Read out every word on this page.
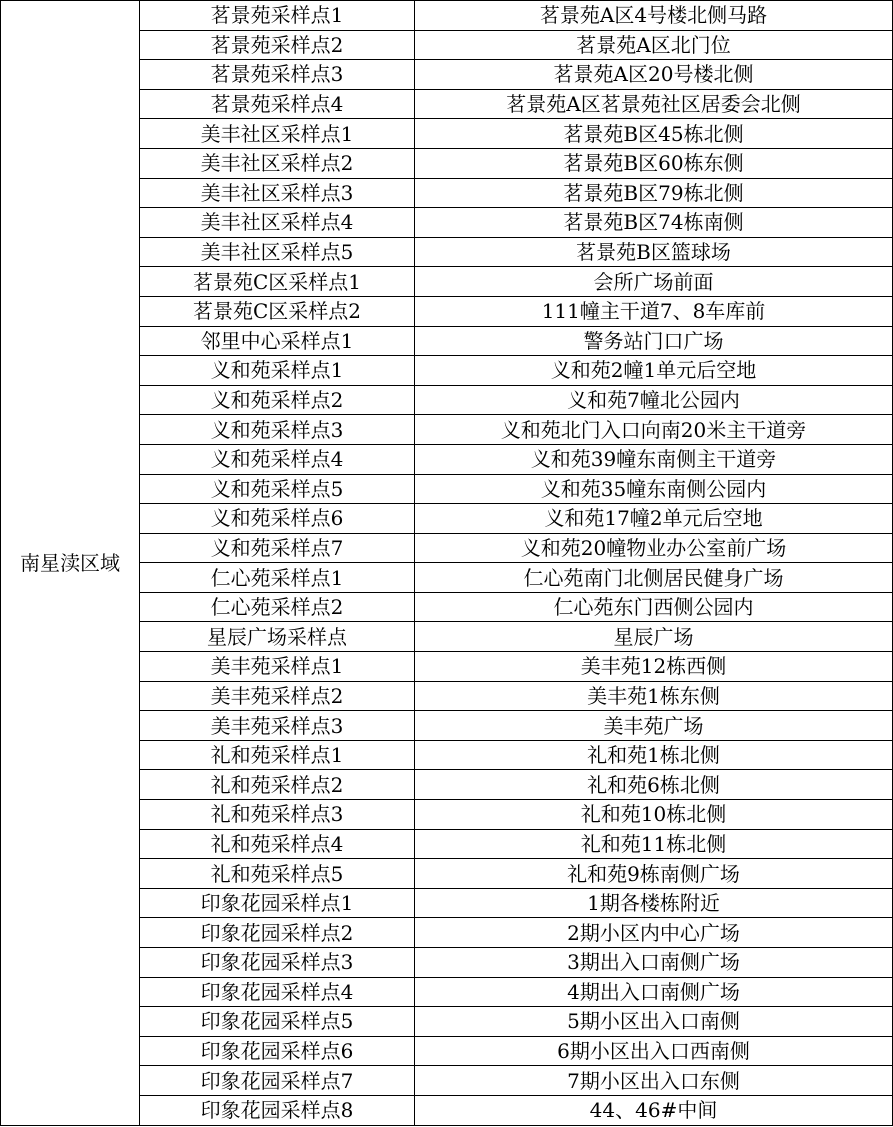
南星渎区域	茗景苑采样点1	茗景苑A区4号楼北侧马路
	茗景苑采样点2	茗景苑A区北门位
	茗景苑采样点3	茗景苑A区20号楼北侧
	茗景苑采样点4	茗景苑A区茗景苑社区居委会北侧
	美丰社区采样点1	茗景苑B区45栋北侧
	美丰社区采样点2	茗景苑B区60栋东侧
	美丰社区采样点3	茗景苑B区79栋北侧
	美丰社区采样点4	茗景苑B区74栋南侧
	美丰社区采样点5	茗景苑B区篮球场
	茗景苑C区采样点1	会所广场前面
	茗景苑C区采样点2	111幢主干道7、8车库前
	邻里中心采样点1	警务站门口广场
	义和苑采样点1	义和苑2幢1单元后空地
	义和苑采样点2	义和苑7幢北公园内
	义和苑采样点3	义和苑北门入口向南20米主干道旁
	义和苑采样点4	义和苑39幢东南侧主干道旁
	义和苑采样点5	义和苑35幢东南侧公园内
	义和苑采样点6	义和苑17幢2单元后空地
	义和苑采样点7	义和苑20幢物业办公室前广场
	仁心苑采样点1	仁心苑南门北侧居民健身广场
	仁心苑采样点2	仁心苑东门西侧公园内
	星辰广场采样点	星辰广场
	美丰苑采样点1	美丰苑12栋西侧
	美丰苑采样点2	美丰苑1栋东侧
	美丰苑采样点3	美丰苑广场
	礼和苑采样点1	礼和苑1栋北侧
	礼和苑采样点2	礼和苑6栋北侧
	礼和苑采样点3	礼和苑10栋北侧
	礼和苑采样点4	礼和苑11栋北侧
	礼和苑采样点5	礼和苑9栋南侧广场
	印象花园采样点1	1期各楼栋附近
	印象花园采样点2	2期小区内中心广场
	印象花园采样点3	3期出入口南侧广场
	印象花园采样点4	4期出入口南侧广场
	印象花园采样点5	5期小区出入口南侧
	印象花园采样点6	6期小区出入口西南侧
	印象花园采样点7	7期小区出入口东侧
	印象花园采样点8	44、46#中间
